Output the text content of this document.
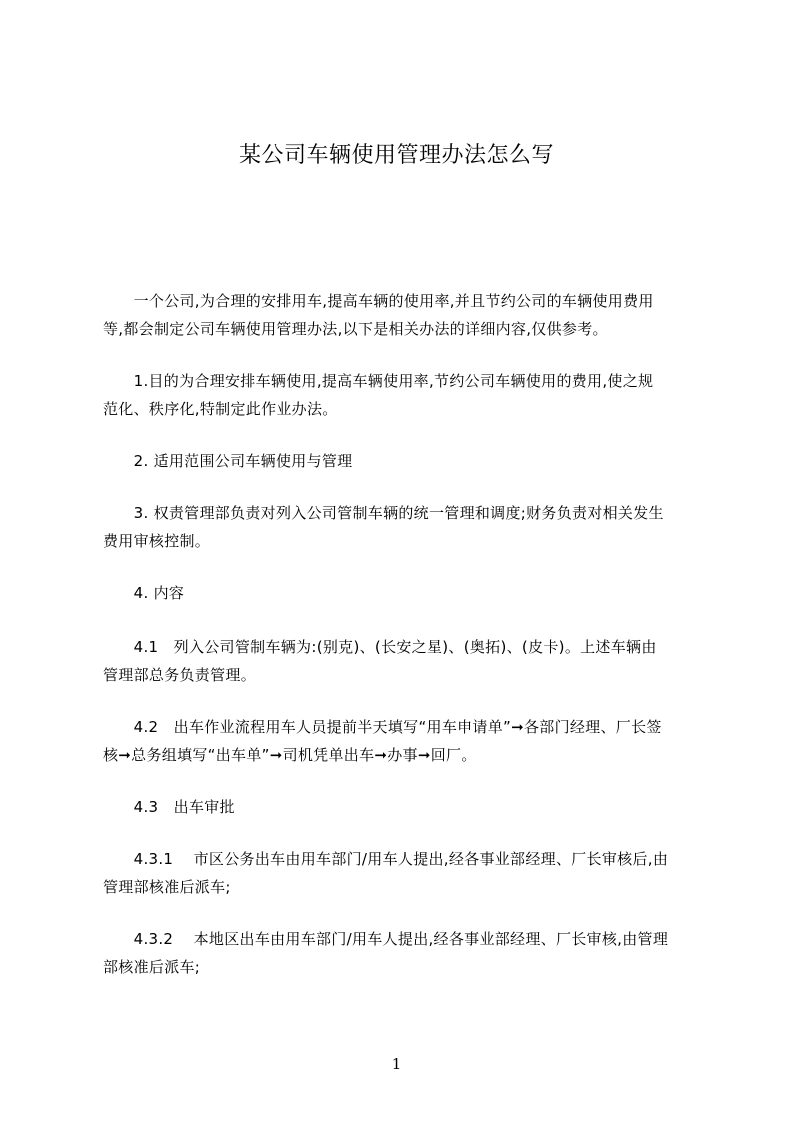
某公司车辆使用管理办法怎么写

　　一个公司,为合理的安排用车,提高车辆的使用率,并且节约公司的车辆使用费用
等,都会制定公司车辆使用管理办法,以下是相关办法的详细内容,仅供参考。

　　1.目的为合理安排车辆使用,提高车辆使用率,节约公司车辆使用的费用,使之规
范化、秩序化,特制定此作业办法。

　　2. 适用范围公司车辆使用与管理

　　3. 权责管理部负责对列入公司管制车辆的统一管理和调度;财务负责对相关发生
费用审核控制。

　　4. 内容

　　4.1　列入公司管制车辆为:(别克)、(长安之星)、(奥拓)、(皮卡)。上述车辆由
管理部总务负责管理。

　　4.2　出车作业流程用车人员提前半天填写“用车申请单”➞各部门经理、厂长签
核➞总务组填写“出车单”➞司机凭单出车➞办事➞回厂。

　　4.3　出车审批

　　4.3.1　 市区公务出车由用车部门/用车人提出,经各事业部经理、厂长审核后,由
管理部核准后派车;

　　4.3.2　 本地区出车由用车部门/用车人提出,经各事业部经理、厂长审核,由管理
部核准后派车;

1
